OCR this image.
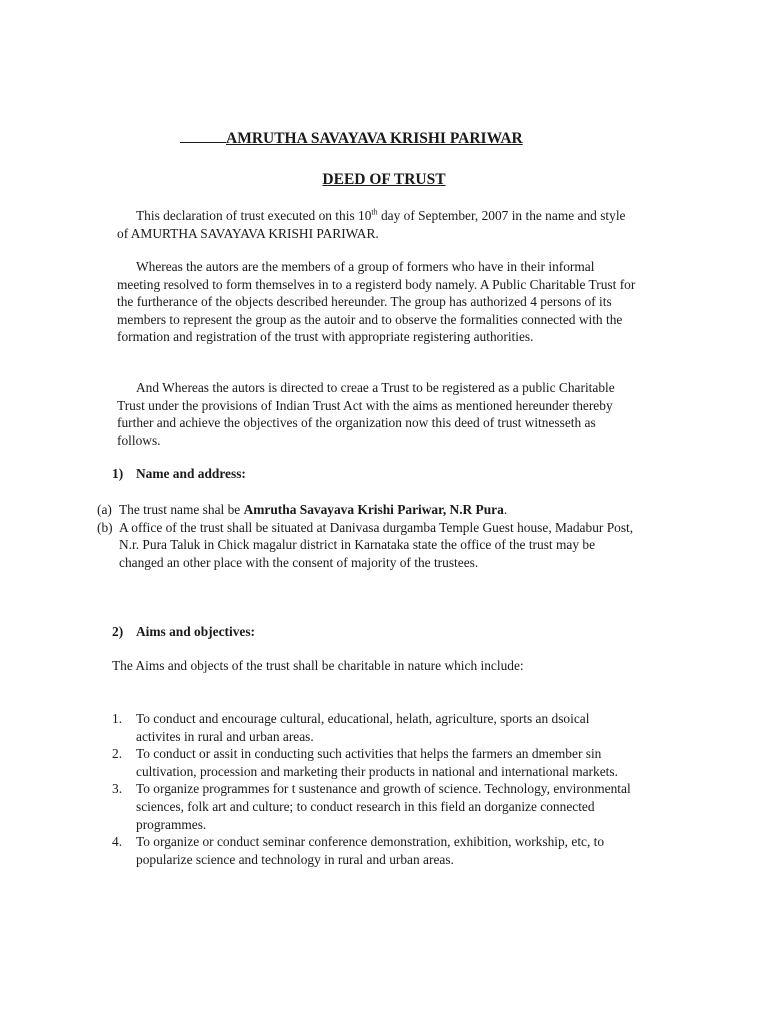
AMRUTHA SAVAYAVA KRISHI PARIWAR
DEED OF TRUST

This declaration of trust executed on this 10th day of September, 2007 in the name and style of AMURTHA SAVAYAVA KRISHI PARIWAR.

Whereas the autors are the members of a group of formers who have in their informal meeting resolved to form themselves in to a registerd body namely. A Public Charitable Trust for the furtherance of the objects described hereunder. The group has authorized 4 persons of its members to represent the group as the autoir and to observe the formalities connected with the formation and registration of the trust with appropriate registering authorities.

And Whereas the autors is directed to creae a Trust to be registered as a public Charitable Trust under the provisions of Indian Trust Act with the aims as mentioned hereunder thereby further and achieve the objectives of the organization now this deed of trust witnesseth as follows.

1) Name and address:
(a) The trust name shal be Amrutha Savayava Krishi Pariwar, N.R Pura.
(b) A office of the trust shall be situated at Danivasa durgamba Temple Guest house, Madabur Post, N.r. Pura Taluk in Chick magalur district in Karnataka state the office of the trust may be changed an other place with the consent of majority of the trustees.
2) Aims and objectives:
The Aims and objects of the trust shall be charitable in nature which include:
1. To conduct and encourage cultural, educational, helath, agriculture, sports an dsoical activites in rural and urban areas.
2. To conduct or assit in conducting such activities that helps the farmers an dmember sin cultivation, procession and marketing their products in national and international markets.
3. To organize programmes for t sustenance and growth of science. Technology, environmental sciences, folk art and culture; to conduct research in this field an dorganize connected programmes.
4. To organize or conduct seminar conference demonstration, exhibition, workship, etc, to popularize science and technology in rural and urban areas.
